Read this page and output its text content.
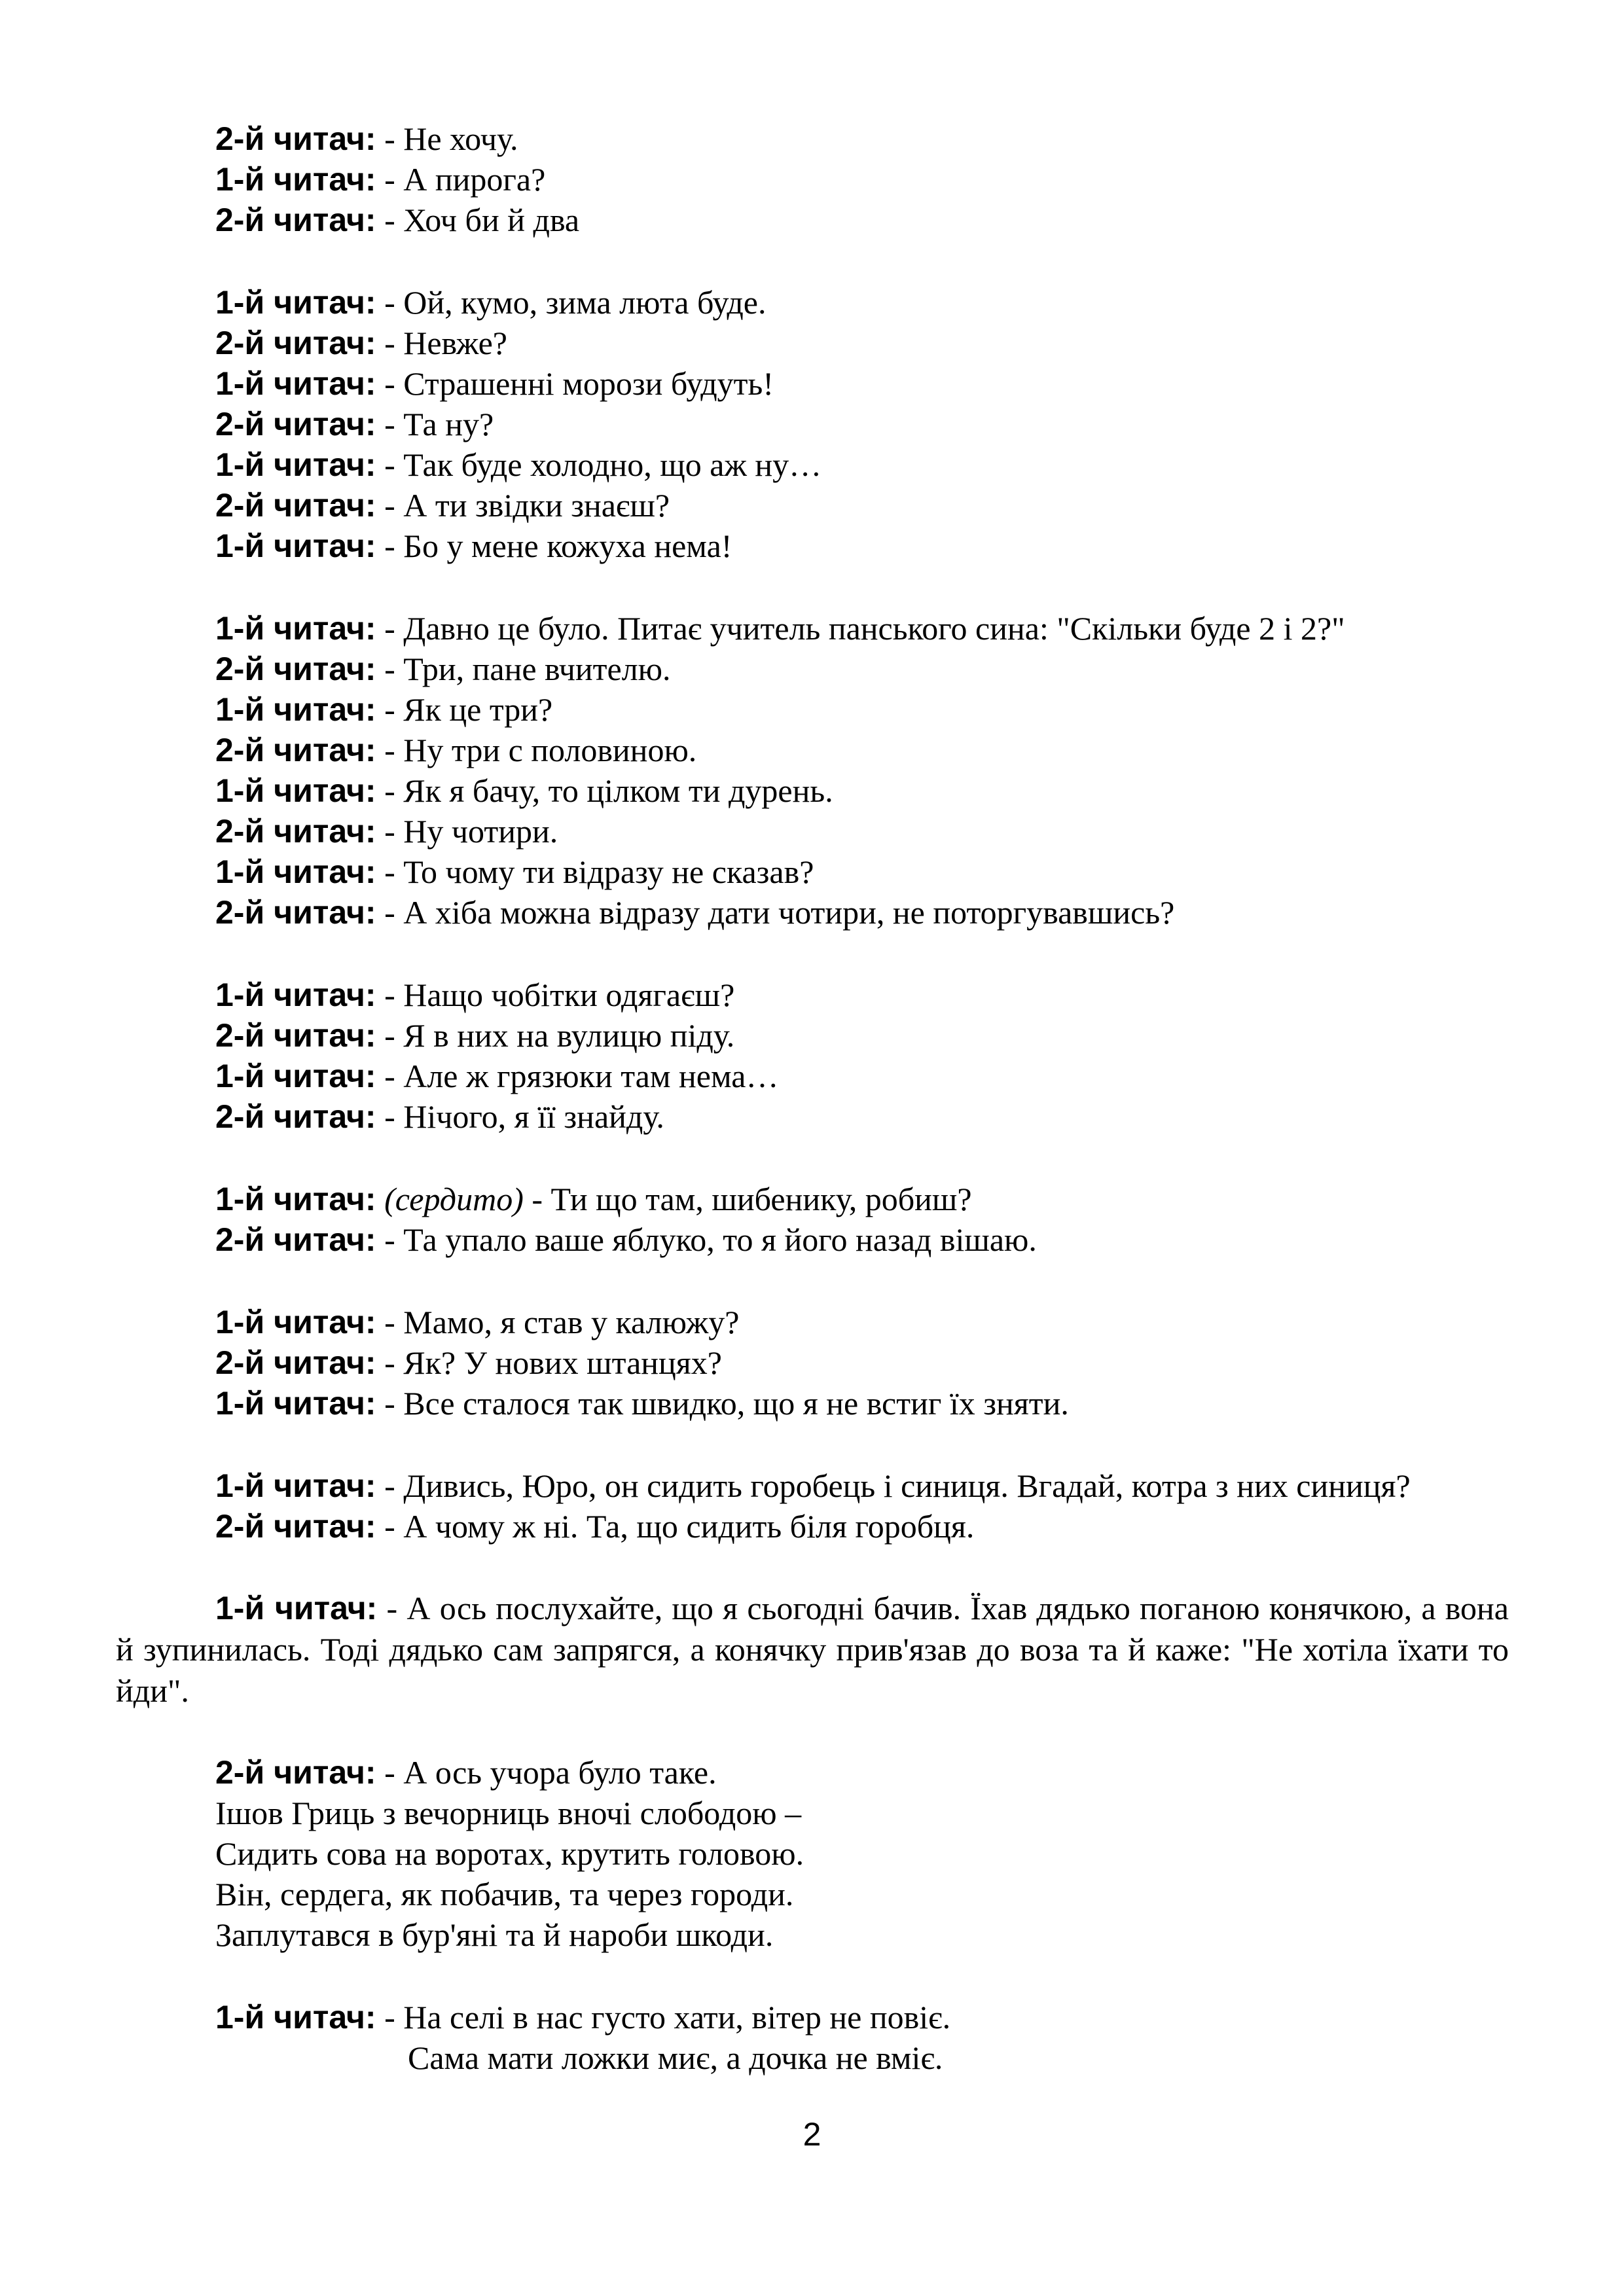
2-й читач: - Не хочу.
1-й читач: - А пирога?
2-й читач: - Хоч би й два
1-й читач: - Ой, кумо, зима люта буде.
2-й читач: - Невже?
1-й читач: - Страшенні морози будуть!
2-й читач: - Та ну?
1-й читач: - Так буде холодно, що аж ну…
2-й читач: - А ти звідки знаєш?
1-й читач: - Бо у мене кожуха нема!
1-й читач: - Давно це було. Питає учитель панського сина: "Скільки буде 2 і 2?"
2-й читач: - Три, пане вчителю.
1-й читач: - Як це три?
2-й читач: - Ну три с половиною.
1-й читач: - Як я бачу, то цілком ти дурень.
2-й читач: - Ну чотири.
1-й читач: - То чому ти відразу не сказав?
2-й читач: - А хіба можна відразу дати чотири, не поторгувавшись?
1-й читач: - Нащо чобітки одягаєш?
2-й читач: - Я в них на вулицю піду.
1-й читач: - Але ж грязюки там нема…
2-й читач: - Нічого, я її знайду.
1-й читач: (сердито) - Ти що там, шибенику, робиш?
2-й читач: - Та упало ваше яблуко, то я його назад вішаю.
1-й читач: - Мамо, я став у калюжу?
2-й читач: - Як? У нових штанцях?
1-й читач: - Все сталося так швидко, що я не встиг їх зняти.
1-й читач: - Дивись, Юро, он сидить горобець і синиця. Вгадай, котра з них синиця?
2-й читач: - А чому ж ні. Та, що сидить біля горобця.
1-й читач: - А ось послухайте, що я сьогодні бачив. Їхав дядько поганою конячкою, а вона й зупинилась. Тоді дядько сам запрягся, а конячку прив'язав до воза та й каже: "Не хотіла їхати то йди".
2-й читач: - А ось учора було таке.
Ішов Гриць з вечорниць вночі слободою –
Сидить сова на воротах, крутить головою.
Він, сердега, як побачив, та через городи.
Заплутався в бур'яні та й нароби шкоди.
1-й читач: - На селі в нас густо хати, вітер не повіє.
Сама мати ложки миє, а дочка не вміє.
2
